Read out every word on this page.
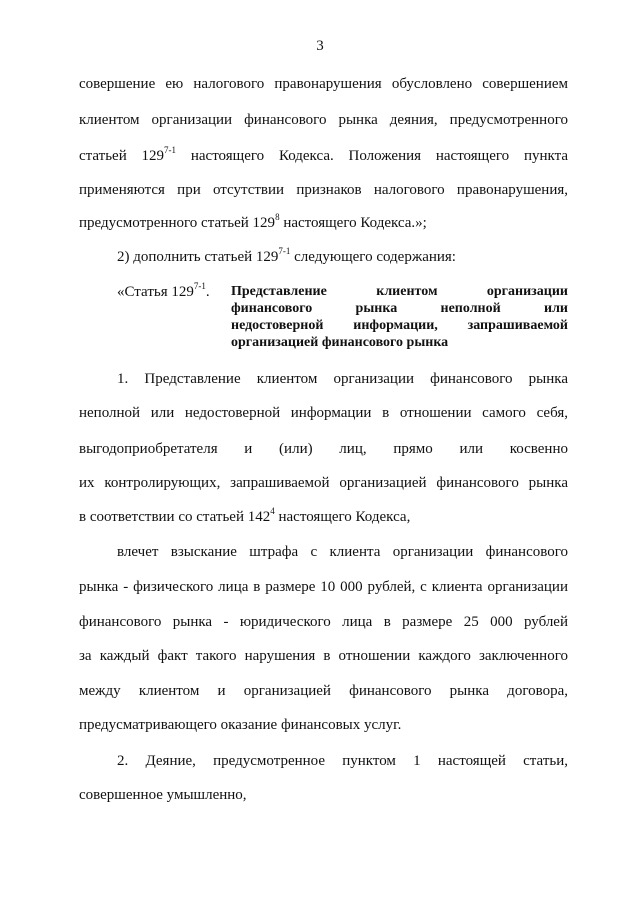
3
совершение ею налогового правонарушения обусловлено совершением
клиентом организации финансового рынка деяния, предусмотренного
статьей 129$^{7-1}$ настоящего Кодекса. Положения настоящего пункта
применяются при отсутствии признаков налогового правонарушения,
предусмотренного статьей $129^8$ настоящего Кодекса.»;
2) дополнить статьей 129$^{7-1}$ следующего содержания:
«Статья 129$^{7-1}$. Представление клиентом организации
финансового рынка неполной или
недостоверной информации, запрашиваемой
организацией финансового рынка
1. Представление клиентом организации финансового рынка
неполной или недостоверной информации в отношении самого себя,
выгодоприобретателя и (или) лиц, прямо или косвенно
их контролирующих, запрашиваемой организацией финансового рынка
в соответствии со статьей $142^4$ настоящего Кодекса,
влечет взыскание штрафа с клиента организации финансового
рынка - физического лица в размере 10 000 рублей, с клиента организации
финансового рынка - юридического лица в размере 25 000 рублей
за каждый факт такого нарушения в отношении каждого заключенного
между клиентом и организацией финансового рынка договора,
предусматривающего оказание финансовых услуг.
2. Деяние, предусмотренное пунктом 1 настоящей статьи,
совершенное умышленно,
